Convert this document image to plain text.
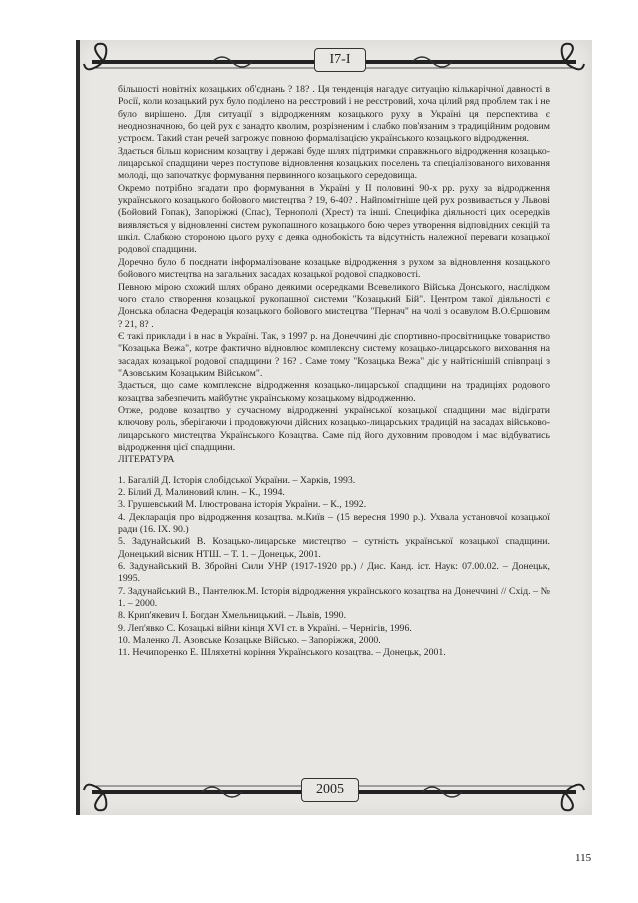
І7-І

більшості новітніх козацьких об'єднань ? 18? . Ця тенденція нагадує ситуацію кількарічної давності в Росії, коли козацький рух було поділено на реєстровий і не реєстровий, хоча цілий ряд проблем так і не було вирішено. Для ситуації з відродженням козацького руху в Україні ця перспектива є неоднозначною, бо цей рух є занадто кволим, розрізненим і слабко пов'язаним з традиційним родовим устроєм. Такий стан речей загрожує повною формалізацією українського козацького відродження.

Здається більш корисним козацтву і державі буде шлях підтримки справжнього відродження козацько-лицарської спадщини через поступове відновлення козацьких поселень та спеціалізованого виховання молоді, що започаткує формування первинного козацького середовища.

Окремо потрібно згадати про формування в Україні у ІІ половині 90-х рр. руху за відродження українського козацького бойового мистецтва ? 19, 6-40? . Найпомітніше цей рух розвивається у Львові (Бойовий Гопак), Запоріжжі (Спас), Тернополі (Хрест) та інші. Специфіка діяльності цих осередків виявляється у відновленні систем рукопашного козацького бою через утворення відповідних секцій та шкіл. Слабкою стороною цього руху є деяка однобокість та відсутність належної переваги козацької родової спадщини.

Доречно було б поєднати інформалізоване козацьке відродження з рухом за відновлення козацького бойового мистецтва на загальних засадах козацької родової спадковості.

Певною мірою схожий шлях обрано деякими осередками Всевеликого Війська Донського, наслідком чого стало створення козацької рукопашної системи "Козацький Бій". Центром такої діяльності є Донська обласна Федерація козацького бойового мистецтва "Пернач" на чолі з осавулом В.О.Єршовим ? 21, 8? .

Є такі приклади і в нас в Україні. Так, з 1997 р. на Донеччині діє спортивно-просвітницьке товариство "Козацька Вежа", котре фактично відновлює комплексну систему козацько-лицарського виховання на засадах козацької родової спадщини ? 16? . Саме тому "Козацька Вежа" діє у найтіснішій співпраці з "Азовським Козацьким Військом".

Здається, що саме комплексне відродження козацько-лицарської спадщини на традиціях родового козацтва забезпечить майбутнє українському козацькому відродженню.

Отже, родове козацтво у сучасному відродженні української козацької спадщини має відіграти ключову роль, зберігаючи і продовжуючи дійсних козацько-лицарських традицій на засадах військово-лицарського мистецтва Українського Козацтва. Саме під його духовним проводом і має відбуватись відродження цієї спадщини.

ЛІТЕРАТУРА

1. Багалій Д. Історія слобідської України. – Харків, 1993.

2. Білий Д. Малиновий клин. – К., 1994.

3. Грушевський М. Ілюстрована історія України. – К., 1992.

4. Декларація про відродження козацтва. м.Київ – (15 вересня 1990 р.). Ухвала установчої козацької ради (16. ІХ. 90.)

5. Задунайський В. Козацько-лицарське мистецтво – сутність української козацької спадщини. Донецький вісник НТШ. – Т. 1. – Донецьк, 2001.

6. Задунайський В. Збройні Сили УНР (1917-1920 рр.) / Дис. Канд. іст. Наук: 07.00.02. – Донецьк, 1995.

7. Задунайський В., Пантелюк.М. Історія відродження українського козацтва на Донеччині // Схід. – № 1. – 2000.

8. Крип'якевич І. Богдан Хмельницький. – Львів, 1990.

9. Леп'явко С. Козацькі війни кінця XVI ст. в Україні. – Чернігів, 1996.

10. Маленко Л. Азовське Козацьке Військо. – Запоріжжя, 2000.

11. Нечипоренко Е. Шляхетні коріння Українського козацтва. – Донецьк, 2001.

2005
115
